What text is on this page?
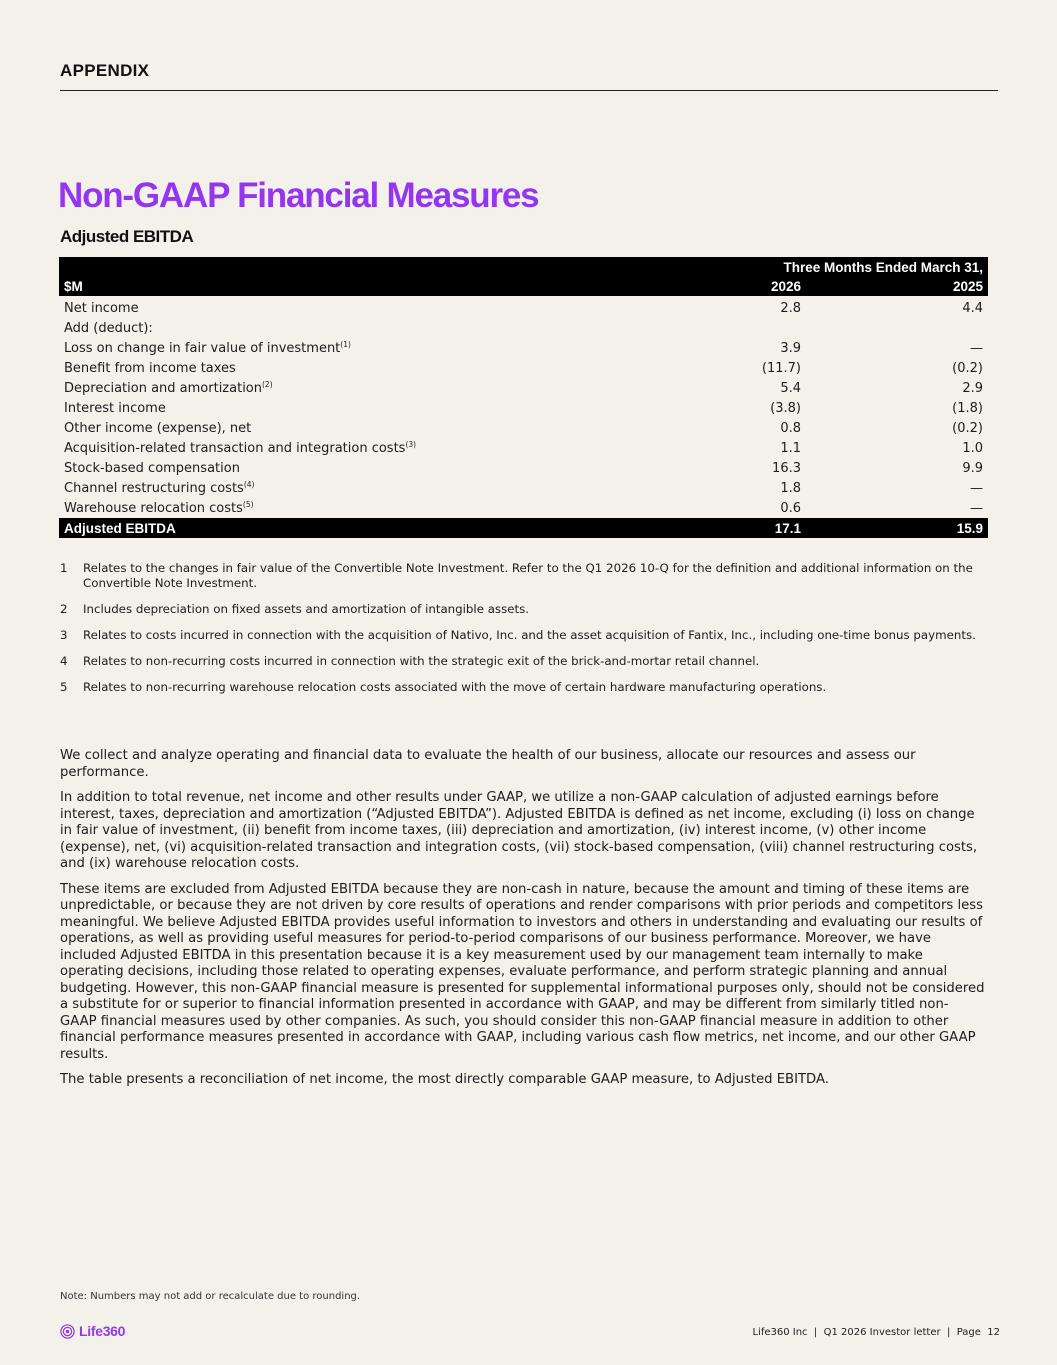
APPENDIX
Non-GAAP Financial Measures
Adjusted EBITDA
	Three Months Ended March 31,	
$M	2026	2025
Net income	2.8	4.4
Add (deduct):		
Loss on change in fair value of investment$^{(1)}$	3.9	—
Benefit from income taxes	(11.7)	(0.2)
Depreciation and amortization$^{(2)}$	5.4	2.9
Interest income	(3.8)	(1.8)
Other income (expense), net	0.8	(0.2)
Acquisition-related transaction and integration costs$^{(3)}$	1.1	1.0
Stock-based compensation	16.3	9.9
Channel restructuring costs$^{(4)}$	1.8	—
Warehouse relocation costs$^{(5)}$	0.6	—
Adjusted EBITDA	17.1	15.9
1	Relates to the changes in fair value of the Convertible Note Investment. Refer to the Q1 2026 10-Q for the definition and additional information on the Convertible Note Investment.
2	Includes depreciation on fixed assets and amortization of intangible assets.
3	Relates to costs incurred in connection with the acquisition of Nativo, Inc. and the asset acquisition of Fantix, Inc., including one-time bonus payments.
4	Relates to non-recurring costs incurred in connection with the strategic exit of the brick-and-mortar retail channel.
5	Relates to non-recurring warehouse relocation costs associated with the move of certain hardware manufacturing operations.

We collect and analyze operating and financial data to evaluate the health of our business, allocate our resources and assess our performance.

In addition to total revenue, net income and other results under GAAP, we utilize a non-GAAP calculation of adjusted earnings before interest, taxes, depreciation and amortization (“Adjusted EBITDA”). Adjusted EBITDA is defined as net income, excluding (i) loss on change in fair value of investment, (ii) benefit from income taxes, (iii) depreciation and amortization, (iv) interest income, (v) other income (expense), net, (vi) acquisition-related transaction and integration costs, (vii) stock-based compensation, (viii) channel restructuring costs, and (ix) warehouse relocation costs.

These items are excluded from Adjusted EBITDA because they are non-cash in nature, because the amount and timing of these items are unpredictable, or because they are not driven by core results of operations and render comparisons with prior periods and competitors less meaningful. We believe Adjusted EBITDA provides useful information to investors and others in understanding and evaluating our results of operations, as well as providing useful measures for period-to-period comparisons of our business performance. Moreover, we have included Adjusted EBITDA in this presentation because it is a key measurement used by our management team internally to make operating decisions, including those related to operating expenses, evaluate performance, and perform strategic planning and annual budgeting. However, this non-GAAP financial measure is presented for supplemental informational purposes only, should not be considered a substitute for or superior to financial information presented in accordance with GAAP, and may be different from similarly titled non-GAAP financial measures used by other companies. As such, you should consider this non-GAAP financial measure in addition to other financial performance measures presented in accordance with GAAP, including various cash flow metrics, net income, and our other GAAP results.

The table presents a reconciliation of net income, the most directly comparable GAAP measure, to Adjusted EBITDA.

Note: Numbers may not add or recalculate due to rounding.
Life360	Life360 Inc  |  Q1 2026 Investor letter  |  Page  12
